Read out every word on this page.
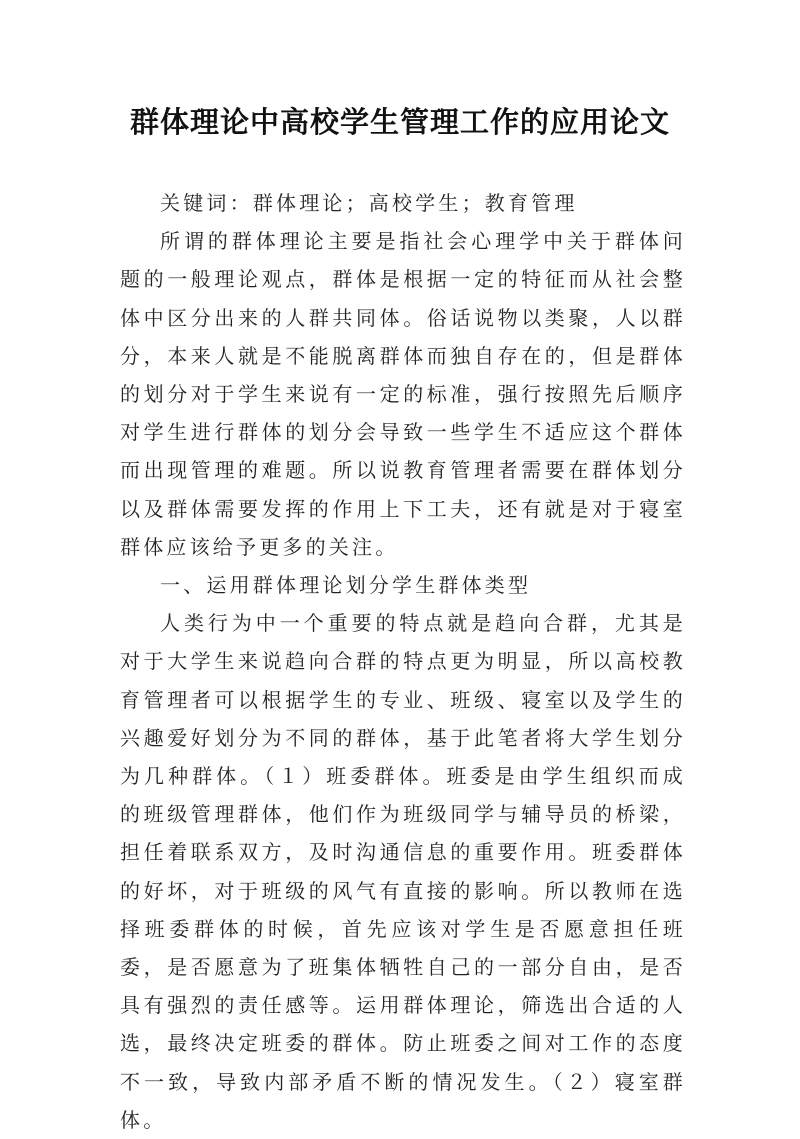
群体理论中高校学生管理工作的应用论文

关键词：群体理论；高校学生；教育管理

所谓的群体理论主要是指社会心理学中关于群体问题的一般理论观点，群体是根据一定的特征而从社会整体中区分出来的人群共同体。俗话说物以类聚，人以群分，本来人就是不能脱离群体而独自存在的，但是群体的划分对于学生来说有一定的标准，强行按照先后顺序对学生进行群体的划分会导致一些学生不适应这个群体而出现管理的难题。所以说教育管理者需要在群体划分以及群体需要发挥的作用上下工夫，还有就是对于寝室群体应该给予更多的关注。

一、运用群体理论划分学生群体类型

人类行为中一个重要的特点就是趋向合群，尤其是对于大学生来说趋向合群的特点更为明显，所以高校教育管理者可以根据学生的专业、班级、寝室以及学生的兴趣爱好划分为不同的群体，基于此笔者将大学生划分为几种群体。（１）班委群体。班委是由学生组织而成的班级管理群体，他们作为班级同学与辅导员的桥梁，担任着联系双方，及时沟通信息的重要作用。班委群体的好坏，对于班级的风气有直接的影响。所以教师在选择班委群体的时候，首先应该对学生是否愿意担任班委，是否愿意为了班集体牺牲自己的一部分自由，是否具有强烈的责任感等。运用群体理论，筛选出合适的人选，最终决定班委的群体。防止班委之间对工作的态度不一致，导致内部矛盾不断的情况发生。（２）寝室群体。
